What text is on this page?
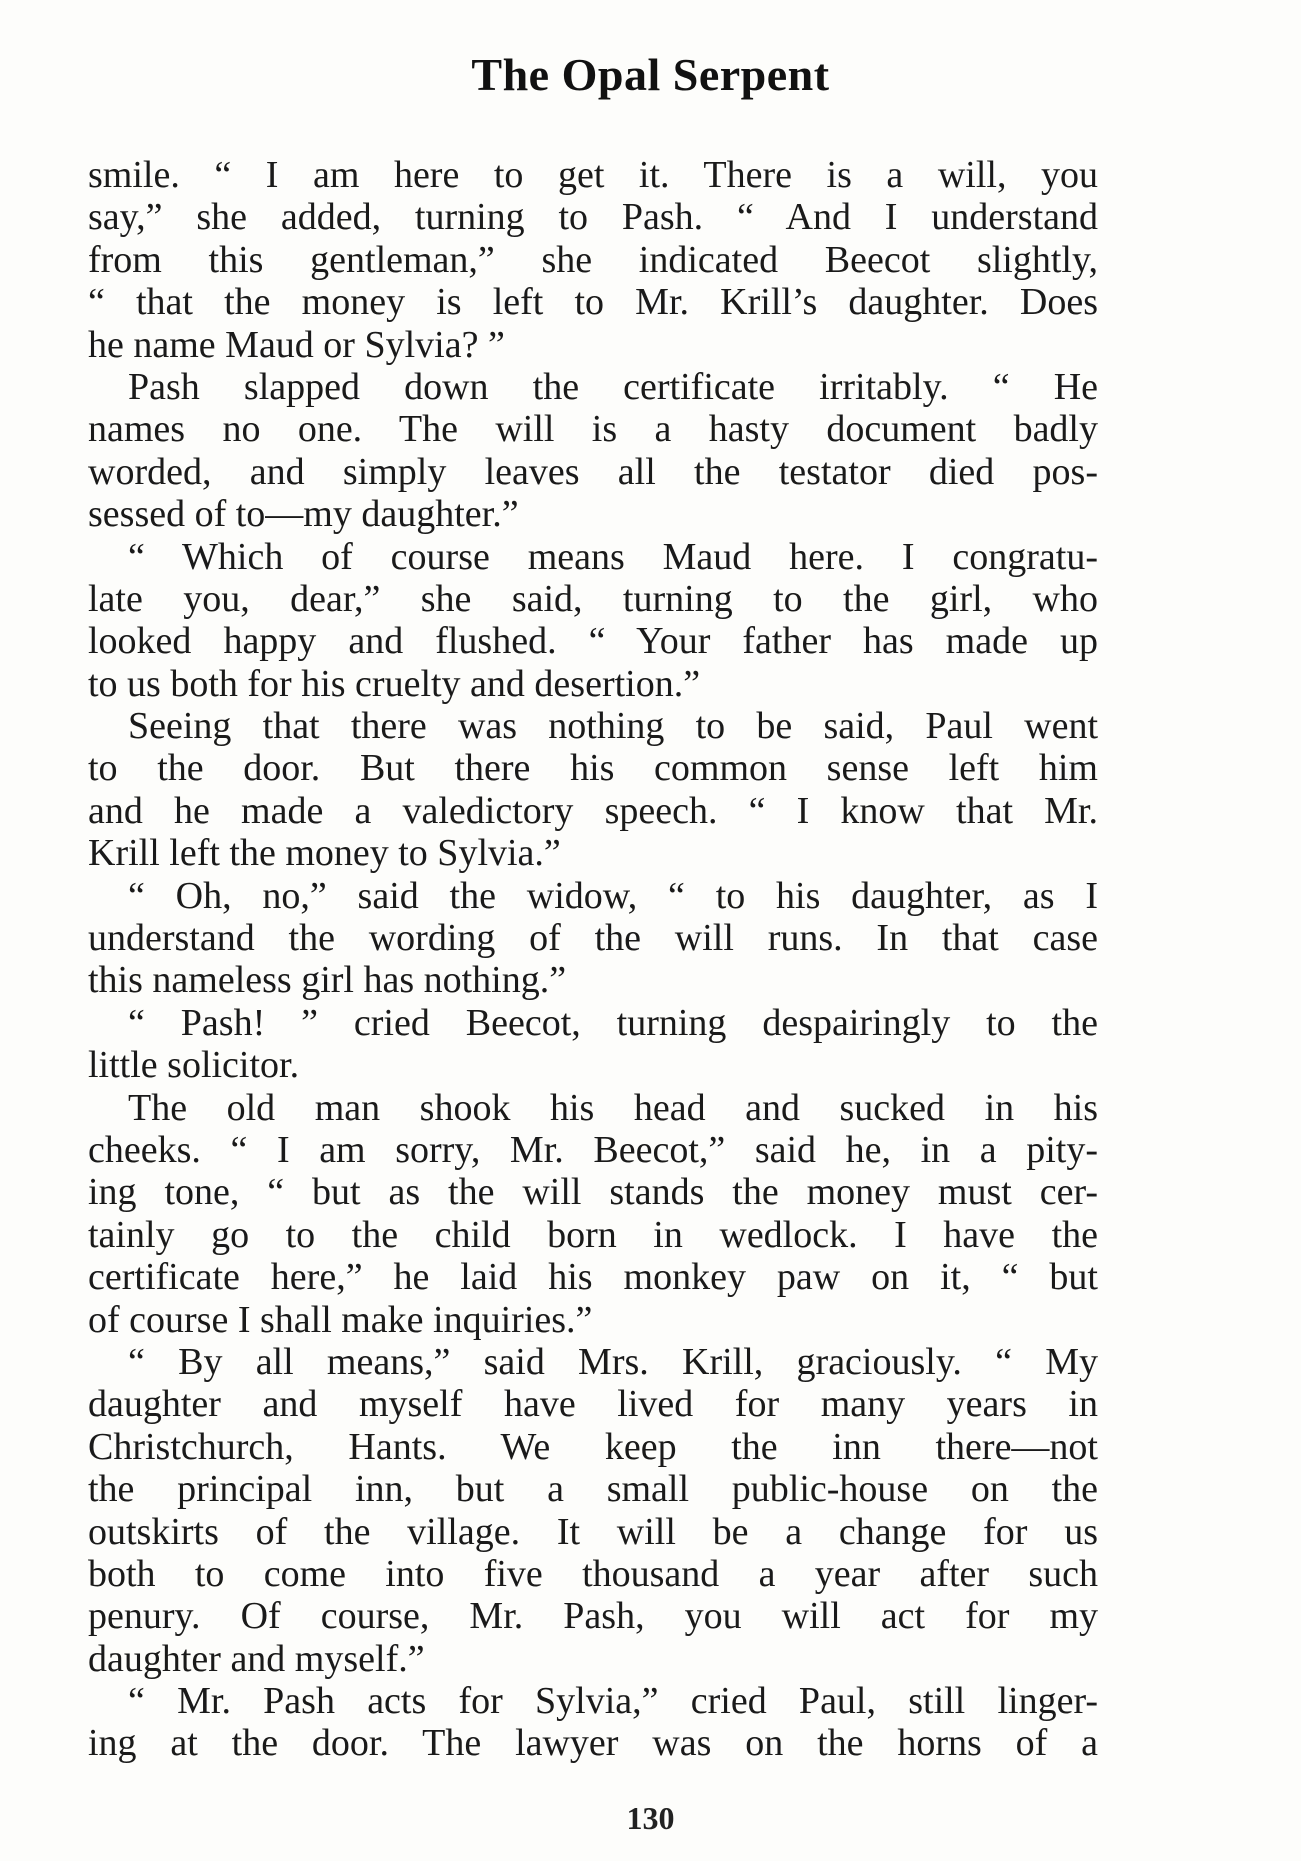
The Opal Serpent
smile. “ I am here to get it. There is a will, you
say,” she added, turning to Pash. “ And I understand
from this gentleman,” she indicated Beecot slightly,
“ that the money is left to Mr. Krill’s daughter. Does
he name Maud or Sylvia? ”
Pash slapped down the certificate irritably. “ He
names no one. The will is a hasty document badly
worded, and simply leaves all the testator died pos-
sessed of to—my daughter.”
“ Which of course means Maud here. I congratu-
late you, dear,” she said, turning to the girl, who
looked happy and flushed. “ Your father has made up
to us both for his cruelty and desertion.”
Seeing that there was nothing to be said, Paul went
to the door. But there his common sense left him
and he made a valedictory speech. “ I know that Mr.
Krill left the money to Sylvia.”
“ Oh, no,” said the widow, “ to his daughter, as I
understand the wording of the will runs. In that case
this nameless girl has nothing.”
“ Pash! ” cried Beecot, turning despairingly to the
little solicitor.
The old man shook his head and sucked in his
cheeks. “ I am sorry, Mr. Beecot,” said he, in a pity-
ing tone, “ but as the will stands the money must cer-
tainly go to the child born in wedlock. I have the
certificate here,” he laid his monkey paw on it, “ but
of course I shall make inquiries.”
“ By all means,” said Mrs. Krill, graciously. “ My
daughter and myself have lived for many years in
Christchurch, Hants. We keep the inn there—not
the principal inn, but a small public-house on the
outskirts of the village. It will be a change for us
both to come into five thousand a year after such
penury. Of course, Mr. Pash, you will act for my
daughter and myself.”
“ Mr. Pash acts for Sylvia,” cried Paul, still linger-
ing at the door. The lawyer was on the horns of a
130
